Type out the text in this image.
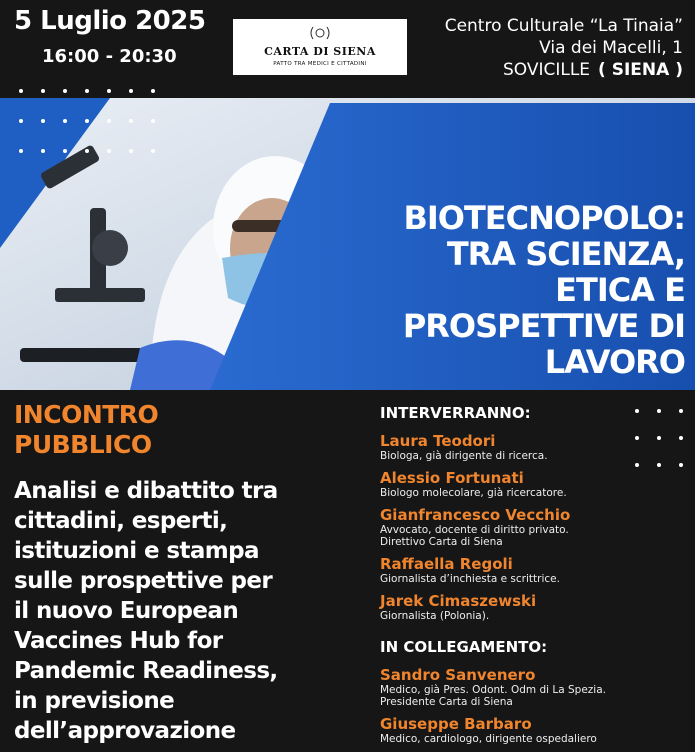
5 Luglio 2025
16:00 - 20:30	CARTA DI SIENA
PATTO TRA MEDICI E CITTADINI
Centro Culturale “La Tinaia”
Via dei Macelli, 1
SOVICILLE ( SIENA )
BIOTECNOPOLO:
TRA SCIENZA,
ETICA E
PROSPETTIVE DI
LAVORO
INCONTRO
PUBBLICO
Analisi e dibattito tra
cittadini, esperti,
istituzioni e stampa
sulle prospettive per
il nuovo European
Vaccines Hub for
Pandemic Readiness,
in previsione
dell’approvazione
INTERVERRANNO:
Laura Teodori
Biologa, già dirigente di ricerca.
Alessio Fortunati
Biologo molecolare, già ricercatore.
Gianfrancesco Vecchio
Avvocato, docente di diritto privato.
Direttivo Carta di Siena
Raffaella Regoli
Giornalista d’inchiesta e scrittrice.
Jarek Cimaszewski
Giornalista (Polonia).
IN COLLEGAMENTO:
Sandro Sanvenero
Medico, già Pres. Odont. Odm di La Spezia.
Presidente Carta di Siena
Giuseppe Barbaro
Medico, cardiologo, dirigente ospedaliero
